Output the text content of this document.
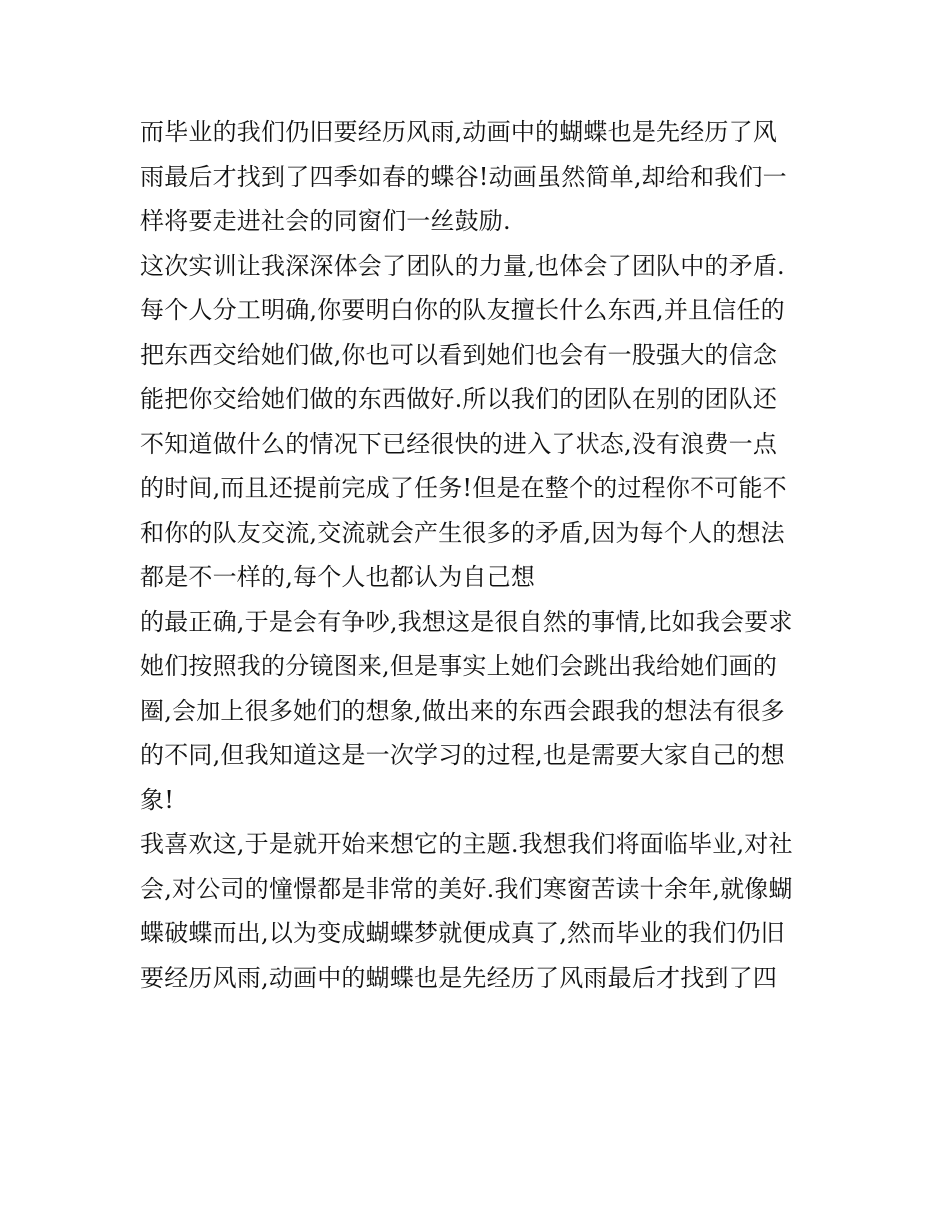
而毕业的我们仍旧要经历风雨,动画中的蝴蝶也是先经历了风
雨最后才找到了四季如春的蝶谷!动画虽然简单,却给和我们一
样将要走进社会的同窗们一丝鼓励.
这次实训让我深深体会了团队的力量,也体会了团队中的矛盾.
每个人分工明确,你要明白你的队友擅长什么东西,并且信任的
把东西交给她们做,你也可以看到她们也会有一股强大的信念
能把你交给她们做的东西做好.所以我们的团队在别的团队还
不知道做什么的情况下已经很快的进入了状态,没有浪费一点
的时间,而且还提前完成了任务!但是在整个的过程你不可能不
和你的队友交流,交流就会产生很多的矛盾,因为每个人的想法
都是不一样的,每个人也都认为自己想
的最正确,于是会有争吵,我想这是很自然的事情,比如我会要求
她们按照我的分镜图来,但是事实上她们会跳出我给她们画的
圈,会加上很多她们的想象,做出来的东西会跟我的想法有很多
的不同,但我知道这是一次学习的过程,也是需要大家自己的想
象!
我喜欢这,于是就开始来想它的主题.我想我们将面临毕业,对社
会,对公司的憧憬都是非常的美好.我们寒窗苦读十余年,就像蝴
蝶破蝶而出,以为变成蝴蝶梦就便成真了,然而毕业的我们仍旧
要经历风雨,动画中的蝴蝶也是先经历了风雨最后才找到了四
